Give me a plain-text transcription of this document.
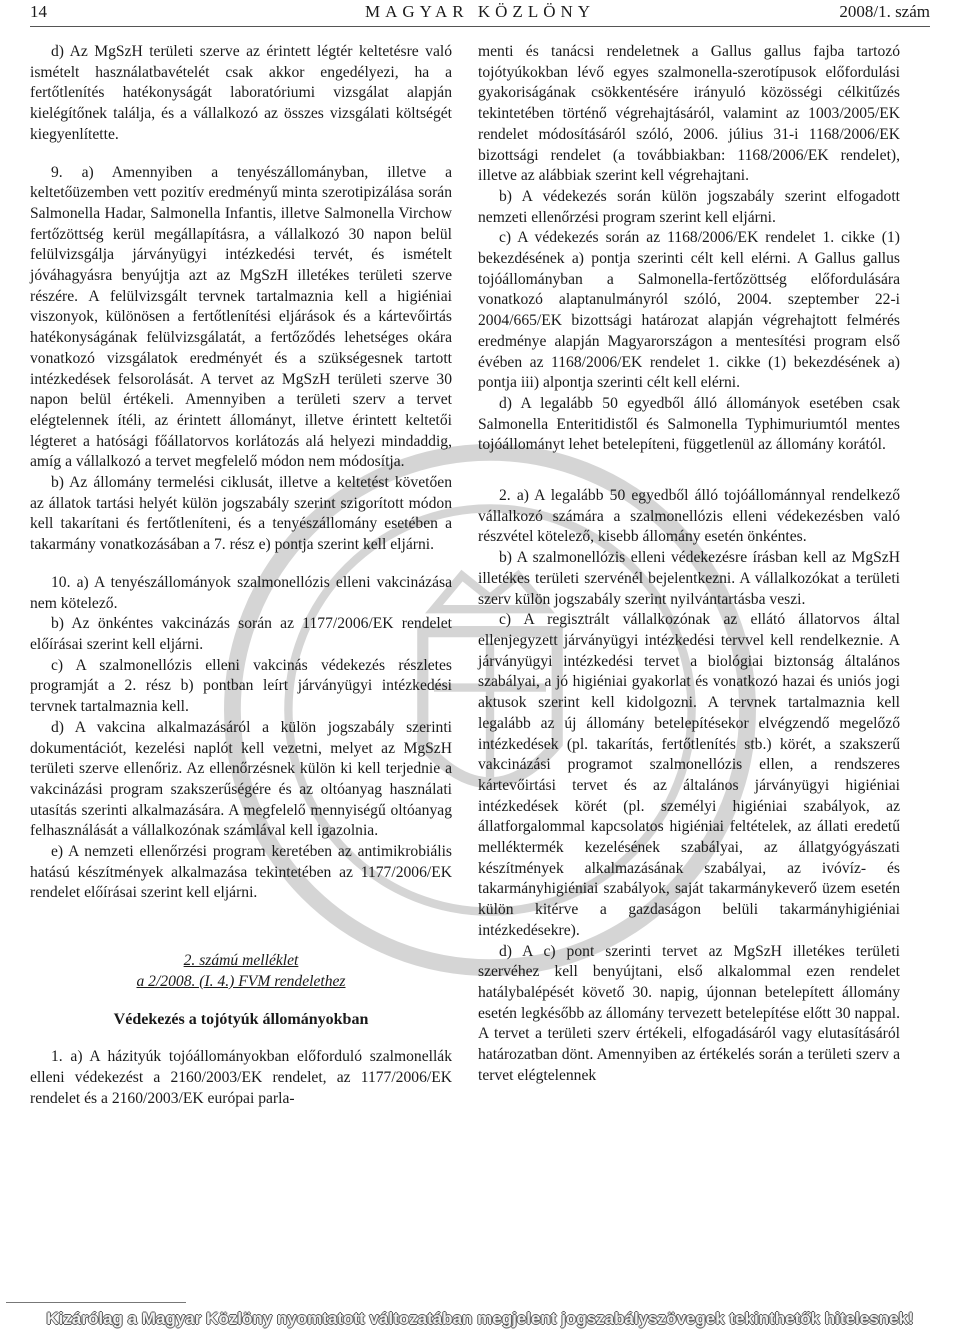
14	MAGYAR KÖZLÖNY	2008/1. szám

d) Az MgSzH területi szerve az érintett légtér keltetésre való ismételt használatbavételét csak akkor engedélyezi, ha a fertőtlenítés hatékonyságát laboratóriumi vizsgálat alapján kielégítőnek találja, és a vállalkozó az összes vizsgálati költségét kiegyenlítette.

9. a) Amennyiben a tenyészállományban, illetve a keltetőüzemben vett pozitív eredményű minta szerotipizálása során Salmonella Hadar, Salmonella Infantis, illetve Salmonella Virchow fertőzöttség kerül megállapításra, a vállalkozó 30 napon belül felülvizsgálja járványügyi intézkedési tervét, és ismételt jóváhagyásra benyújtja azt az MgSzH illetékes területi szerve részére. A felülvizsgált tervnek tartalmaznia kell a higiéniai viszonyok, különösen a fertőtlenítési eljárások és a kártevőirtás hatékonyságának felülvizsgálatát, a fertőződés lehetséges okára vonatkozó vizsgálatok eredményét és a szükségesnek tartott intézkedések felsorolását. A tervet az MgSzH területi szerve 30 napon belül értékeli. Amennyiben a területi szerv a tervet elégtelennek ítéli, az érintett állományt, illetve érintett keltetői légteret a hatósági főállatorvos korlátozás alá helyezi mindaddig, amíg a vállalkozó a tervet megfelelő módon nem módosítja.

b) Az állomány termelési ciklusát, illetve a keltetést követően az állatok tartási helyét külön jogszabály szerint szigorított módon kell takarítani és fertőtleníteni, és a tenyészállomány esetében a takarmány vonatkozásában a 7. rész e) pontja szerint kell eljárni.

10. a) A tenyészállományok szalmonellózis elleni vakcinázása nem kötelező.

b) Az önkéntes vakcinázás során az 1177/2006/EK rendelet előírásai szerint kell eljárni.

c) A szalmonellózis elleni vakcinás védekezés részletes programját a 2. rész b) pontban leírt járványügyi intézkedési tervnek tartalmaznia kell.

d) A vakcina alkalmazásáról a külön jogszabály szerinti dokumentációt, kezelési naplót kell vezetni, melyet az MgSzH területi szerve ellenőriz. Az ellenőrzésnek külön ki kell terjednie a vakcinázási program szakszerűségére és az oltóanyag használati utasítás szerinti alkalmazására. A megfelelő mennyiségű oltóanyag felhasználását a vállalkozónak számlával kell igazolnia.

e) A nemzeti ellenőrzési program keretében az antimikrobiális hatású készítmények alkalmazása tekintetében az 1177/2006/EK rendelet előírásai szerint kell eljárni.

2. számú melléklet

a 2/2008. (I. 4.) FVM rendelethez

Védekezés a tojótyúk állományokban

1. a) A házityúk tojóállományokban előforduló szalmonellák elleni védekezést a 2160/2003/EK rendelet, az 1177/2006/EK rendelet és a 2160/2003/EK európai parla-

menti és tanácsi rendeletnek a Gallus gallus fajba tartozó tojótyúkokban lévő egyes szalmonella-szerotípusok előfordulási gyakoriságának csökkentésére irányuló közösségi célkitűzés tekintetében történő végrehajtásáról, valamint az 1003/2005/EK rendelet módosításáról szóló, 2006. július 31-i 1168/2006/EK bizottsági rendelet (a továbbiakban: 1168/2006/EK rendelet), illetve az alábbiak szerint kell végrehajtani.

b) A védekezés során külön jogszabály szerint elfogadott nemzeti ellenőrzési program szerint kell eljárni.

c) A védekezés során az 1168/2006/EK rendelet 1. cikke (1) bekezdésének a) pontja szerinti célt kell elérni. A Gallus gallus tojóállományban a Salmonella-fertőzöttség előfordulására vonatkozó alaptanulmányról szóló, 2004. szeptember 22-i 2004/665/EK bizottsági határozat alapján végrehajtott felmérés eredménye alapján Magyarországon a mentesítési program első évében az 1168/2006/EK rendelet 1. cikke (1) bekezdésének a) pontja iii) alpontja szerinti célt kell elérni.

d) A legalább 50 egyedből álló állományok esetében csak Salmonella Enteritidistől és Salmonella Typhimuriumtól mentes tojóállományt lehet betelepíteni, függetlenül az állomány korától.

2. a) A legalább 50 egyedből álló tojóállománnyal rendelkező vállalkozó számára a szalmonellózis elleni védekezésben való részvétel kötelező, kisebb állomány esetén önkéntes.

b) A szalmonellózis elleni védekezésre írásban kell az MgSzH illetékes területi szervénél bejelentkezni. A vállalkozókat a területi szerv külön jogszabály szerint nyilvántartásba veszi.

c) A regisztrált vállalkozónak az ellátó állatorvos által ellenjegyzett járványügyi intézkedési tervvel kell rendelkeznie. A járványügyi intézkedési tervet a biológiai biztonság általános szabályai, a jó higiéniai gyakorlat és vonatkozó hazai és uniós jogi aktusok szerint kell kidolgozni. A tervnek tartalmaznia kell legalább az új állomány betelepítésekor elvégzendő megelőző intézkedések (pl. takarítás, fertőtlenítés stb.) körét, a szakszerű vakcinázási programot szalmonellózis ellen, a rendszeres kártevőirtási tervet és az általános járványügyi higiéniai intézkedések körét (pl. személyi higiéniai szabályok, az állatforgalommal kapcsolatos higiéniai feltételek, az állati eredetű melléktermék kezelésének szabályai, az állatgyógyászati készítmények alkalmazásának szabályai, az ivóvíz- és takarmányhigiéniai szabályok, saját takarmánykeverő üzem esetén külön kitérve a gazdaságon belüli takarmányhigiéniai intézkedésekre).

d) A c) pont szerinti tervet az MgSzH illetékes területi szervéhez kell benyújtani, első alkalommal ezen rendelet hatálybalépését követő 30. napig, újonnan betelepített állomány esetén legkésőbb az állomány tervezett betelepítése előtt 30 nappal. A tervet a területi szerv értékeli, elfogadásáról vagy elutasításáról határozatban dönt. Amennyiben az értékelés során a területi szerv a tervet elégtelennek

Kizárólag a Magyar Közlöny nyomtatott változatában megjelent jogszabályszövegek tekinthetők hitelesnek!
